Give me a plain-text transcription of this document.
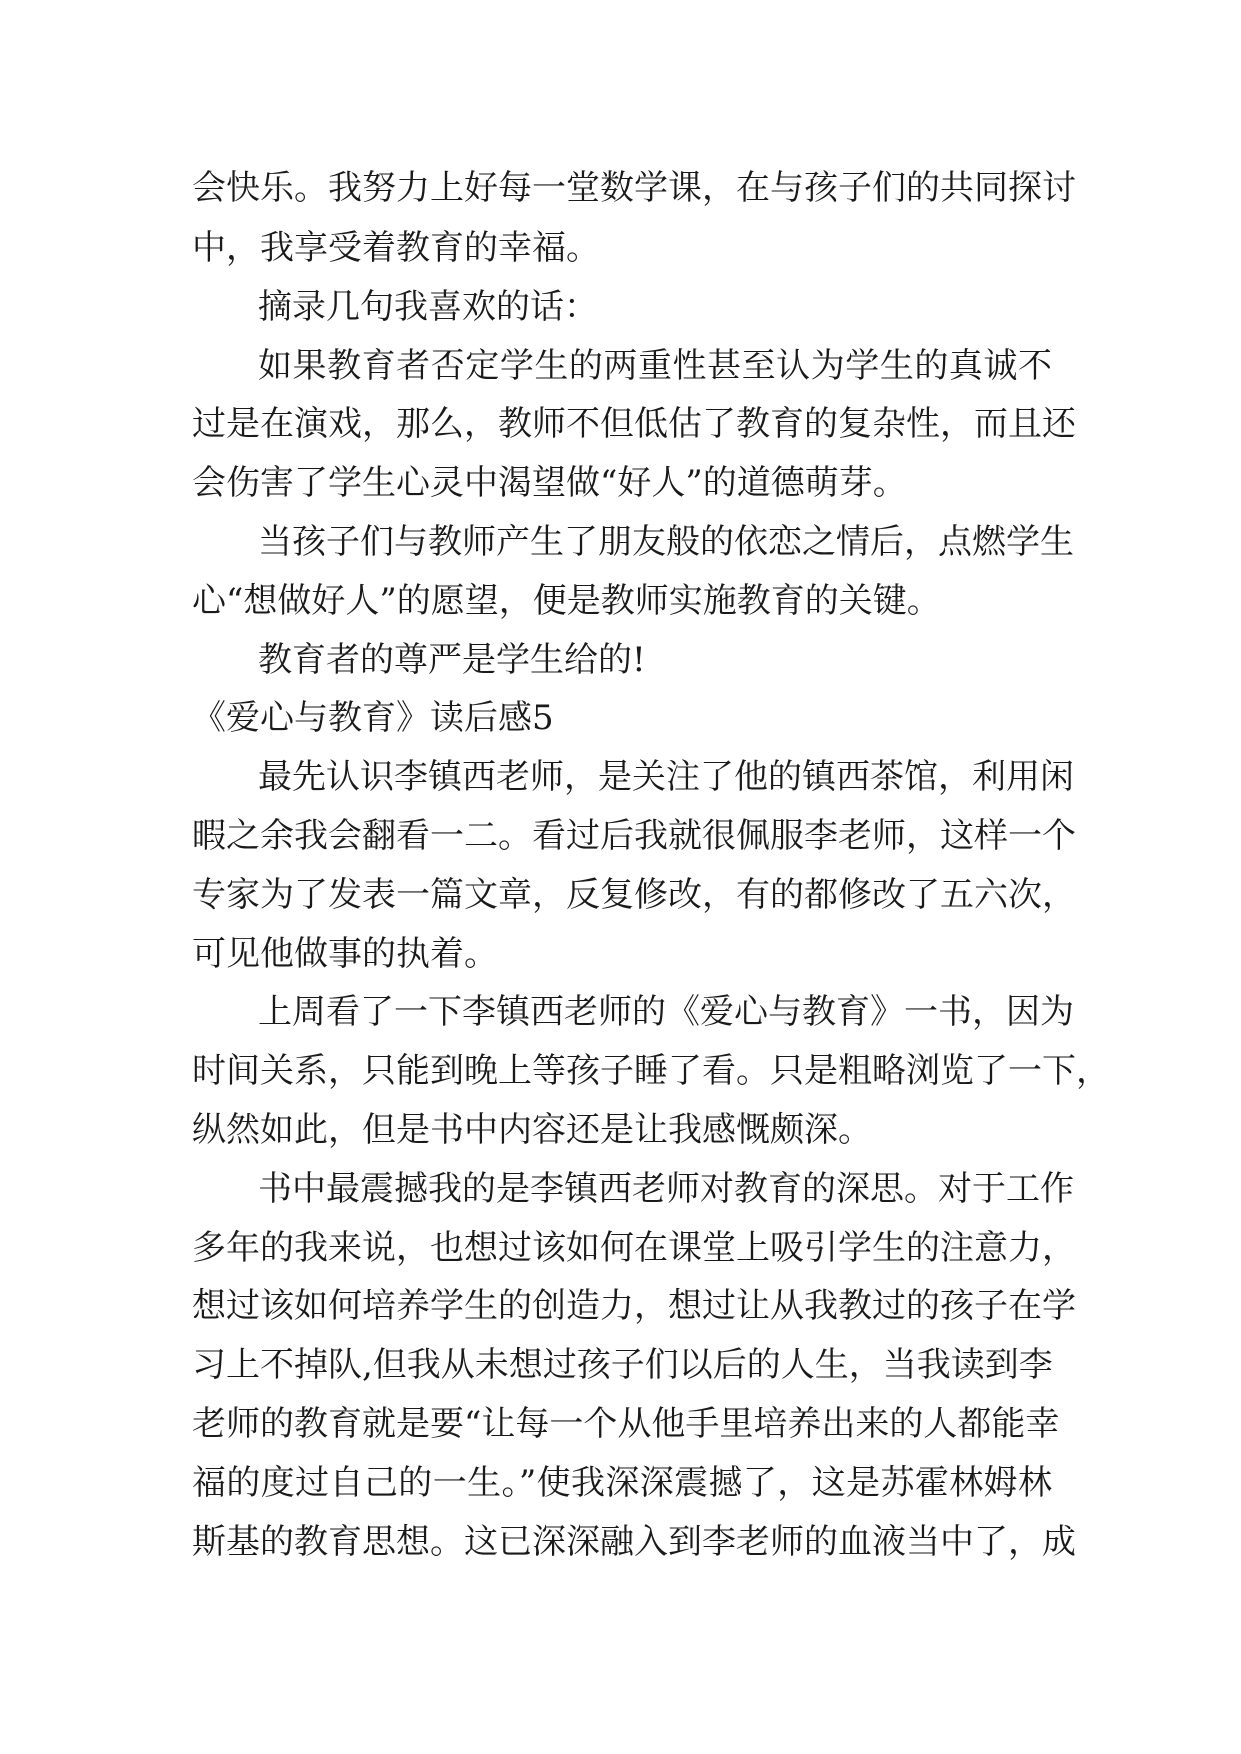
会快乐。我努力上好每一堂数学课，在与孩子们的共同探讨
中，我享受着教育的幸福。
摘录几句我喜欢的话：
如果教育者否定学生的两重性甚至认为学生的真诚不
过是在演戏，那么，教师不但低估了教育的复杂性，而且还
会伤害了学生心灵中渴望做“好人”的道德萌芽。
当孩子们与教师产生了朋友般的依恋之情后，点燃学生
心“想做好人”的愿望，便是教师实施教育的关键。
教育者的尊严是学生给的!
《爱心与教育》读后感5
最先认识李镇西老师，是关注了他的镇西茶馆，利用闲
暇之余我会翻看一二。看过后我就很佩服李老师，这样一个
专家为了发表一篇文章，反复修改，有的都修改了五六次，
可见他做事的执着。
上周看了一下李镇西老师的《爱心与教育》一书，因为
时间关系，只能到晚上等孩子睡了看。只是粗略浏览了一下，
纵然如此，但是书中内容还是让我感慨颇深。
书中最震撼我的是李镇西老师对教育的深思。对于工作
多年的我来说，也想过该如何在课堂上吸引学生的注意力，
想过该如何培养学生的创造力，想过让从我教过的孩子在学
习上不掉队,但我从未想过孩子们以后的人生，当我读到李
老师的教育就是要“让每一个从他手里培养出来的人都能幸
福的度过自己的一生。”使我深深震撼了，这是苏霍林姆林
斯基的教育思想。这已深深融入到李老师的血液当中了，成
